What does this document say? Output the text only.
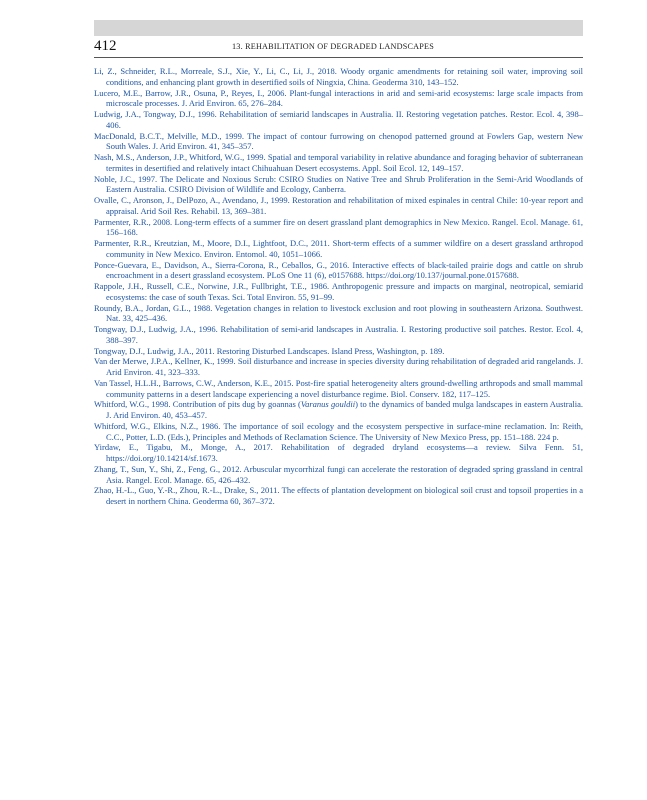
412	13. REHABILITATION OF DEGRADED LANDSCAPES
Li, Z., Schneider, R.L., Morreale, S.J., Xie, Y., Li, C., Li, J., 2018. Woody organic amendments for retaining soil water, improving soil conditions, and enhancing plant growth in desertified soils of Ningxia, China. Geoderma 310, 143–152.
Lucero, M.E., Barrow, J.R., Osuna, P., Reyes, I., 2006. Plant-fungal interactions in arid and semi-arid ecosystems: large scale impacts from microscale processes. J. Arid Environ. 65, 276–284.
Ludwig, J.A., Tongway, D.J., 1996. Rehabilitation of semiarid landscapes in Australia. II. Restoring vegetation patches. Restor. Ecol. 4, 398–406.
MacDonald, B.C.T., Melville, M.D., 1999. The impact of contour furrowing on chenopod patterned ground at Fowlers Gap, western New South Wales. J. Arid Environ. 41, 345–357.
Nash, M.S., Anderson, J.P., Whitford, W.G., 1999. Spatial and temporal variability in relative abundance and foraging behavior of subterranean termites in desertified and relatively intact Chihuahuan Desert ecosystems. Appl. Soil Ecol. 12, 149–157.
Noble, J.C., 1997. The Delicate and Noxious Scrub: CSIRO Studies on Native Tree and Shrub Proliferation in the Semi-Arid Woodlands of Eastern Australia. CSIRO Division of Wildlife and Ecology, Canberra.
Ovalle, C., Aronson, J., DelPozo, A., Avendano, J., 1999. Restoration and rehabilitation of mixed espinales in central Chile: 10-year report and appraisal. Arid Soil Res. Rehabil. 13, 369–381.
Parmenter, R.R., 2008. Long-term effects of a summer fire on desert grassland plant demographics in New Mexico. Rangel. Ecol. Manage. 61, 156–168.
Parmenter, R.R., Kreutzian, M., Moore, D.I., Lightfoot, D.C., 2011. Short-term effects of a summer wildfire on a desert grassland arthropod community in New Mexico. Environ. Entomol. 40, 1051–1066.
Ponce-Guevara, E., Davidson, A., Sierra-Corona, R., Ceballos, G., 2016. Interactive effects of black-tailed prairie dogs and cattle on shrub encroachment in a desert grassland ecosystem. PLoS One 11 (6), e0157688. https://doi.org/10.137/journal.pone.0157688.
Rappole, J.H., Russell, C.E., Norwine, J.R., Fullbright, T.E., 1986. Anthropogenic pressure and impacts on marginal, neotropical, semiarid ecosystems: the case of south Texas. Sci. Total Environ. 55, 91–99.
Roundy, B.A., Jordan, G.L., 1988. Vegetation changes in relation to livestock exclusion and root plowing in southeastern Arizona. Southwest. Nat. 33, 425–436.
Tongway, D.J., Ludwig, J.A., 1996. Rehabilitation of semi-arid landscapes in Australia. I. Restoring productive soil patches. Restor. Ecol. 4, 388–397.
Tongway, D.J., Ludwig, J.A., 2011. Restoring Disturbed Landscapes. Island Press, Washington, p. 189.
Van der Merwe, J.P.A., Kellner, K., 1999. Soil disturbance and increase in species diversity during rehabilitation of degraded arid rangelands. J. Arid Environ. 41, 323–333.
Van Tassel, H.L.H., Barrows, C.W., Anderson, K.E., 2015. Post-fire spatial heterogeneity alters ground-dwelling arthropods and small mammal community patterns in a desert landscape experiencing a novel disturbance regime. Biol. Conserv. 182, 117–125.
Whitford, W.G., 1998. Contribution of pits dug by goannas (Varanus gouldii) to the dynamics of banded mulga landscapes in eastern Australia. J. Arid Environ. 40, 453–457.
Whitford, W.G., Elkins, N.Z., 1986. The importance of soil ecology and the ecosystem perspective in surface-mine reclamation. In: Reith, C.C., Potter, L.D. (Eds.), Principles and Methods of Reclamation Science. The University of New Mexico Press, pp. 151–188. 224 p.
Yirdaw, E., Tigabu, M., Monge, A., 2017. Rehabilitation of degraded dryland ecosystems—a review. Silva Fenn. 51, https://doi.org/10.14214/sf.1673.
Zhang, T., Sun, Y., Shi, Z., Feng, G., 2012. Arbuscular mycorrhizal fungi can accelerate the restoration of degraded spring grassland in central Asia. Rangel. Ecol. Manage. 65, 426–432.
Zhao, H.-L., Guo, Y.-R., Zhou, R.-L., Drake, S., 2011. The effects of plantation development on biological soil crust and topsoil properties in a desert in northern China. Geoderma 60, 367–372.
